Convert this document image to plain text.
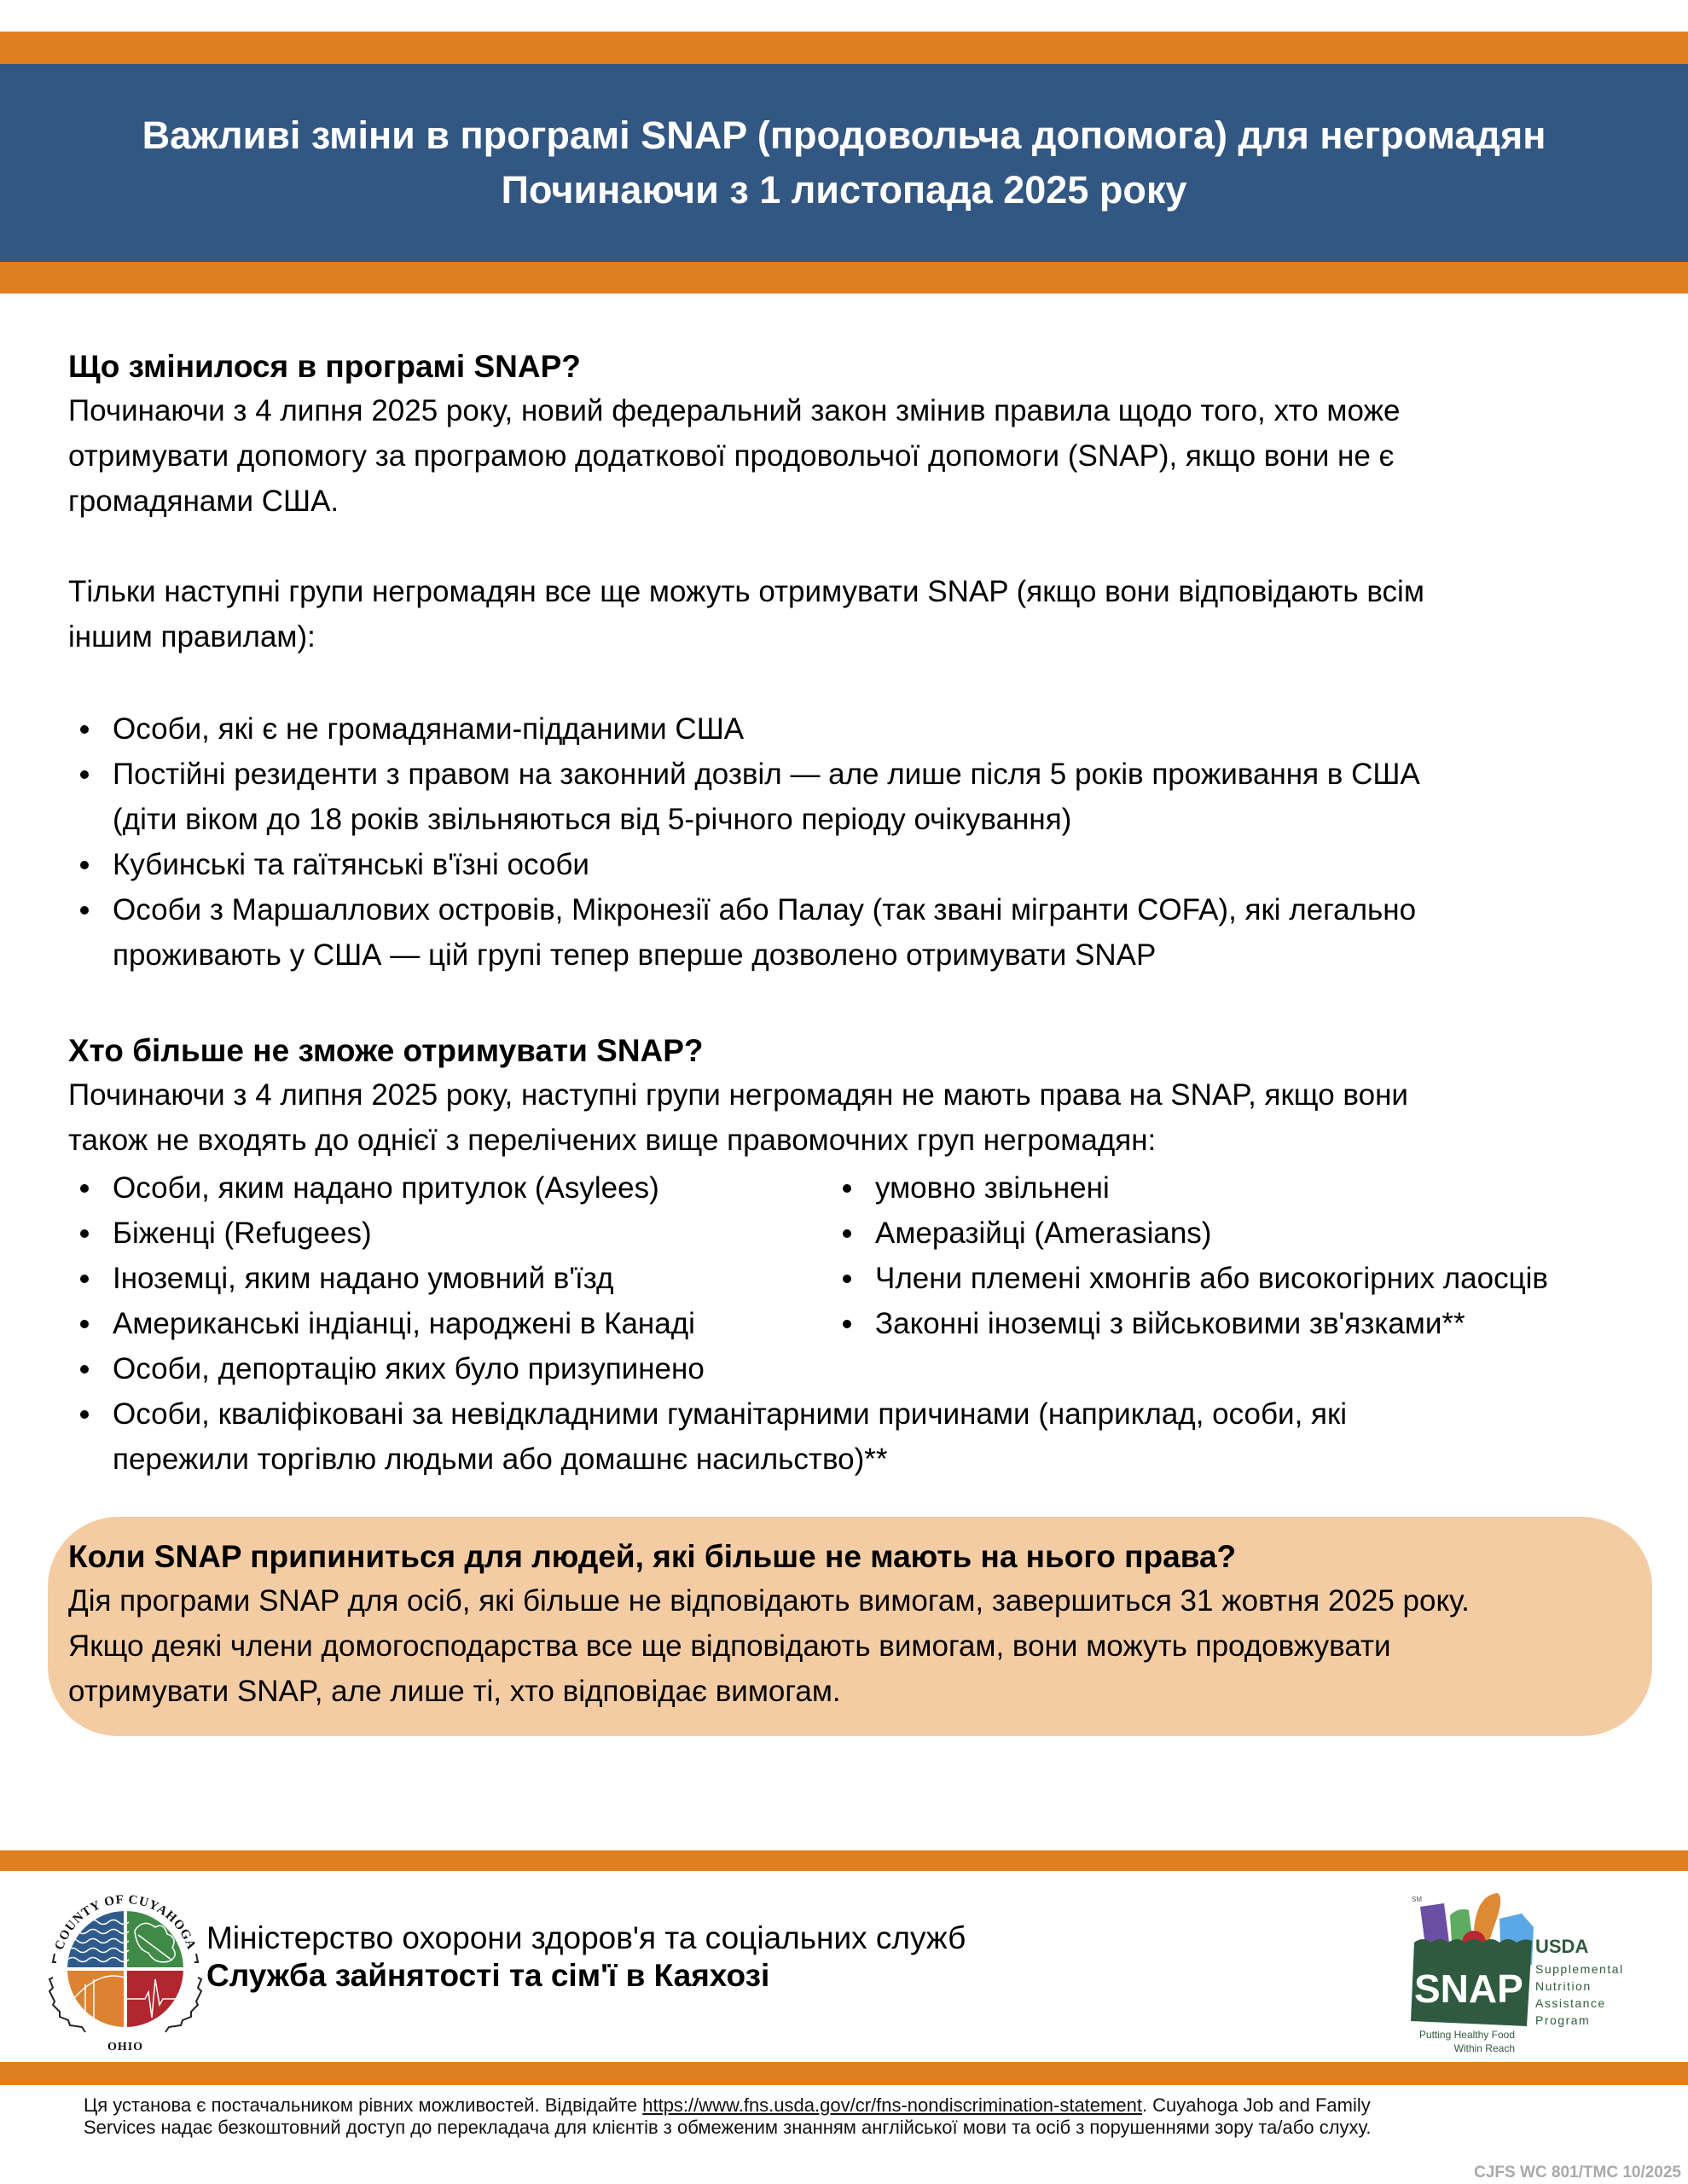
Важливі зміни в програмі SNAP (продовольча допомога) для негромадян
Починаючи з 1 листопада 2025 року
Що змінилося в програмі SNAP?
Починаючи з 4 липня 2025 року, новий федеральний закон змінив правила щодо того, хто може
отримувати допомогу за програмою додаткової продовольчої допомоги (SNAP), якщо вони не є
громадянами США.
Тільки наступні групи негромадян все ще можуть отримувати SNAP (якщо вони відповідають всім
іншим правилам):
Особи, які є не громадянами-підданими США
Постійні резиденти з правом на законний дозвіл — але лише після 5 років проживання в США
(діти віком до 18 років звільняються від 5-річного періоду очікування)
Кубинські та гаїтянські в'їзні особи
Особи з Маршаллових островів, Мікронезії або Палау (так звані мігранти COFA), які легально
проживають у США — цій групі тепер вперше дозволено отримувати SNAP
Хто більше не зможе отримувати SNAP?
Починаючи з 4 липня 2025 року, наступні групи негромадян не мають права на SNAP, якщо вони
також не входять до однієї з перелічених вище правомочних груп негромадян:
Особи, яким надано притулок (Asylees)
Біженці (Refugees)
Іноземці, яким надано умовний в'їзд
Американські індіанці, народжені в Канаді
Особи, депортацію яких було призупинено
Особи, кваліфіковані за невідкладними гуманітарними причинами (наприклад, особи, які
пережили торгівлю людьми або домашнє насильство)**
умовно звільнені
Амеразійці (Amerasians)
Члени племені хмонгів або високогірних лаосців
Законні іноземці з військовими зв'язками**
Коли SNAP припиниться для людей, які більше не мають на нього права?
Дія програми SNAP для осіб, які більше не відповідають вимогам, завершиться 31 жовтня 2025 року.
Якщо деякі члени домогосподарства все ще відповідають вимогам, вони можуть продовжувати
отримувати SNAP, але лише ті, хто відповідає вимогам.
COUNTY OF CUYAHOGA
OHIO
Міністерство охорони здоров'я та соціальних служб
Служба зайнятості та сім'ї в Каяхозі
SM
SNAP
USDA
Supplemental
Nutrition
Assistance
Program
Putting Healthy Food
Within Reach
Ця установа є постачальником рівних можливостей. Відвідайте https://www.fns.usda.gov/cr/fns-nondiscrimination-statement. Cuyahoga Job and Family
Services надає безкоштовний доступ до перекладача для клієнтів з обмеженим знанням англійської мови та осіб з порушеннями зору та/або слуху.
CJFS WC 801/TMC 10/2025
